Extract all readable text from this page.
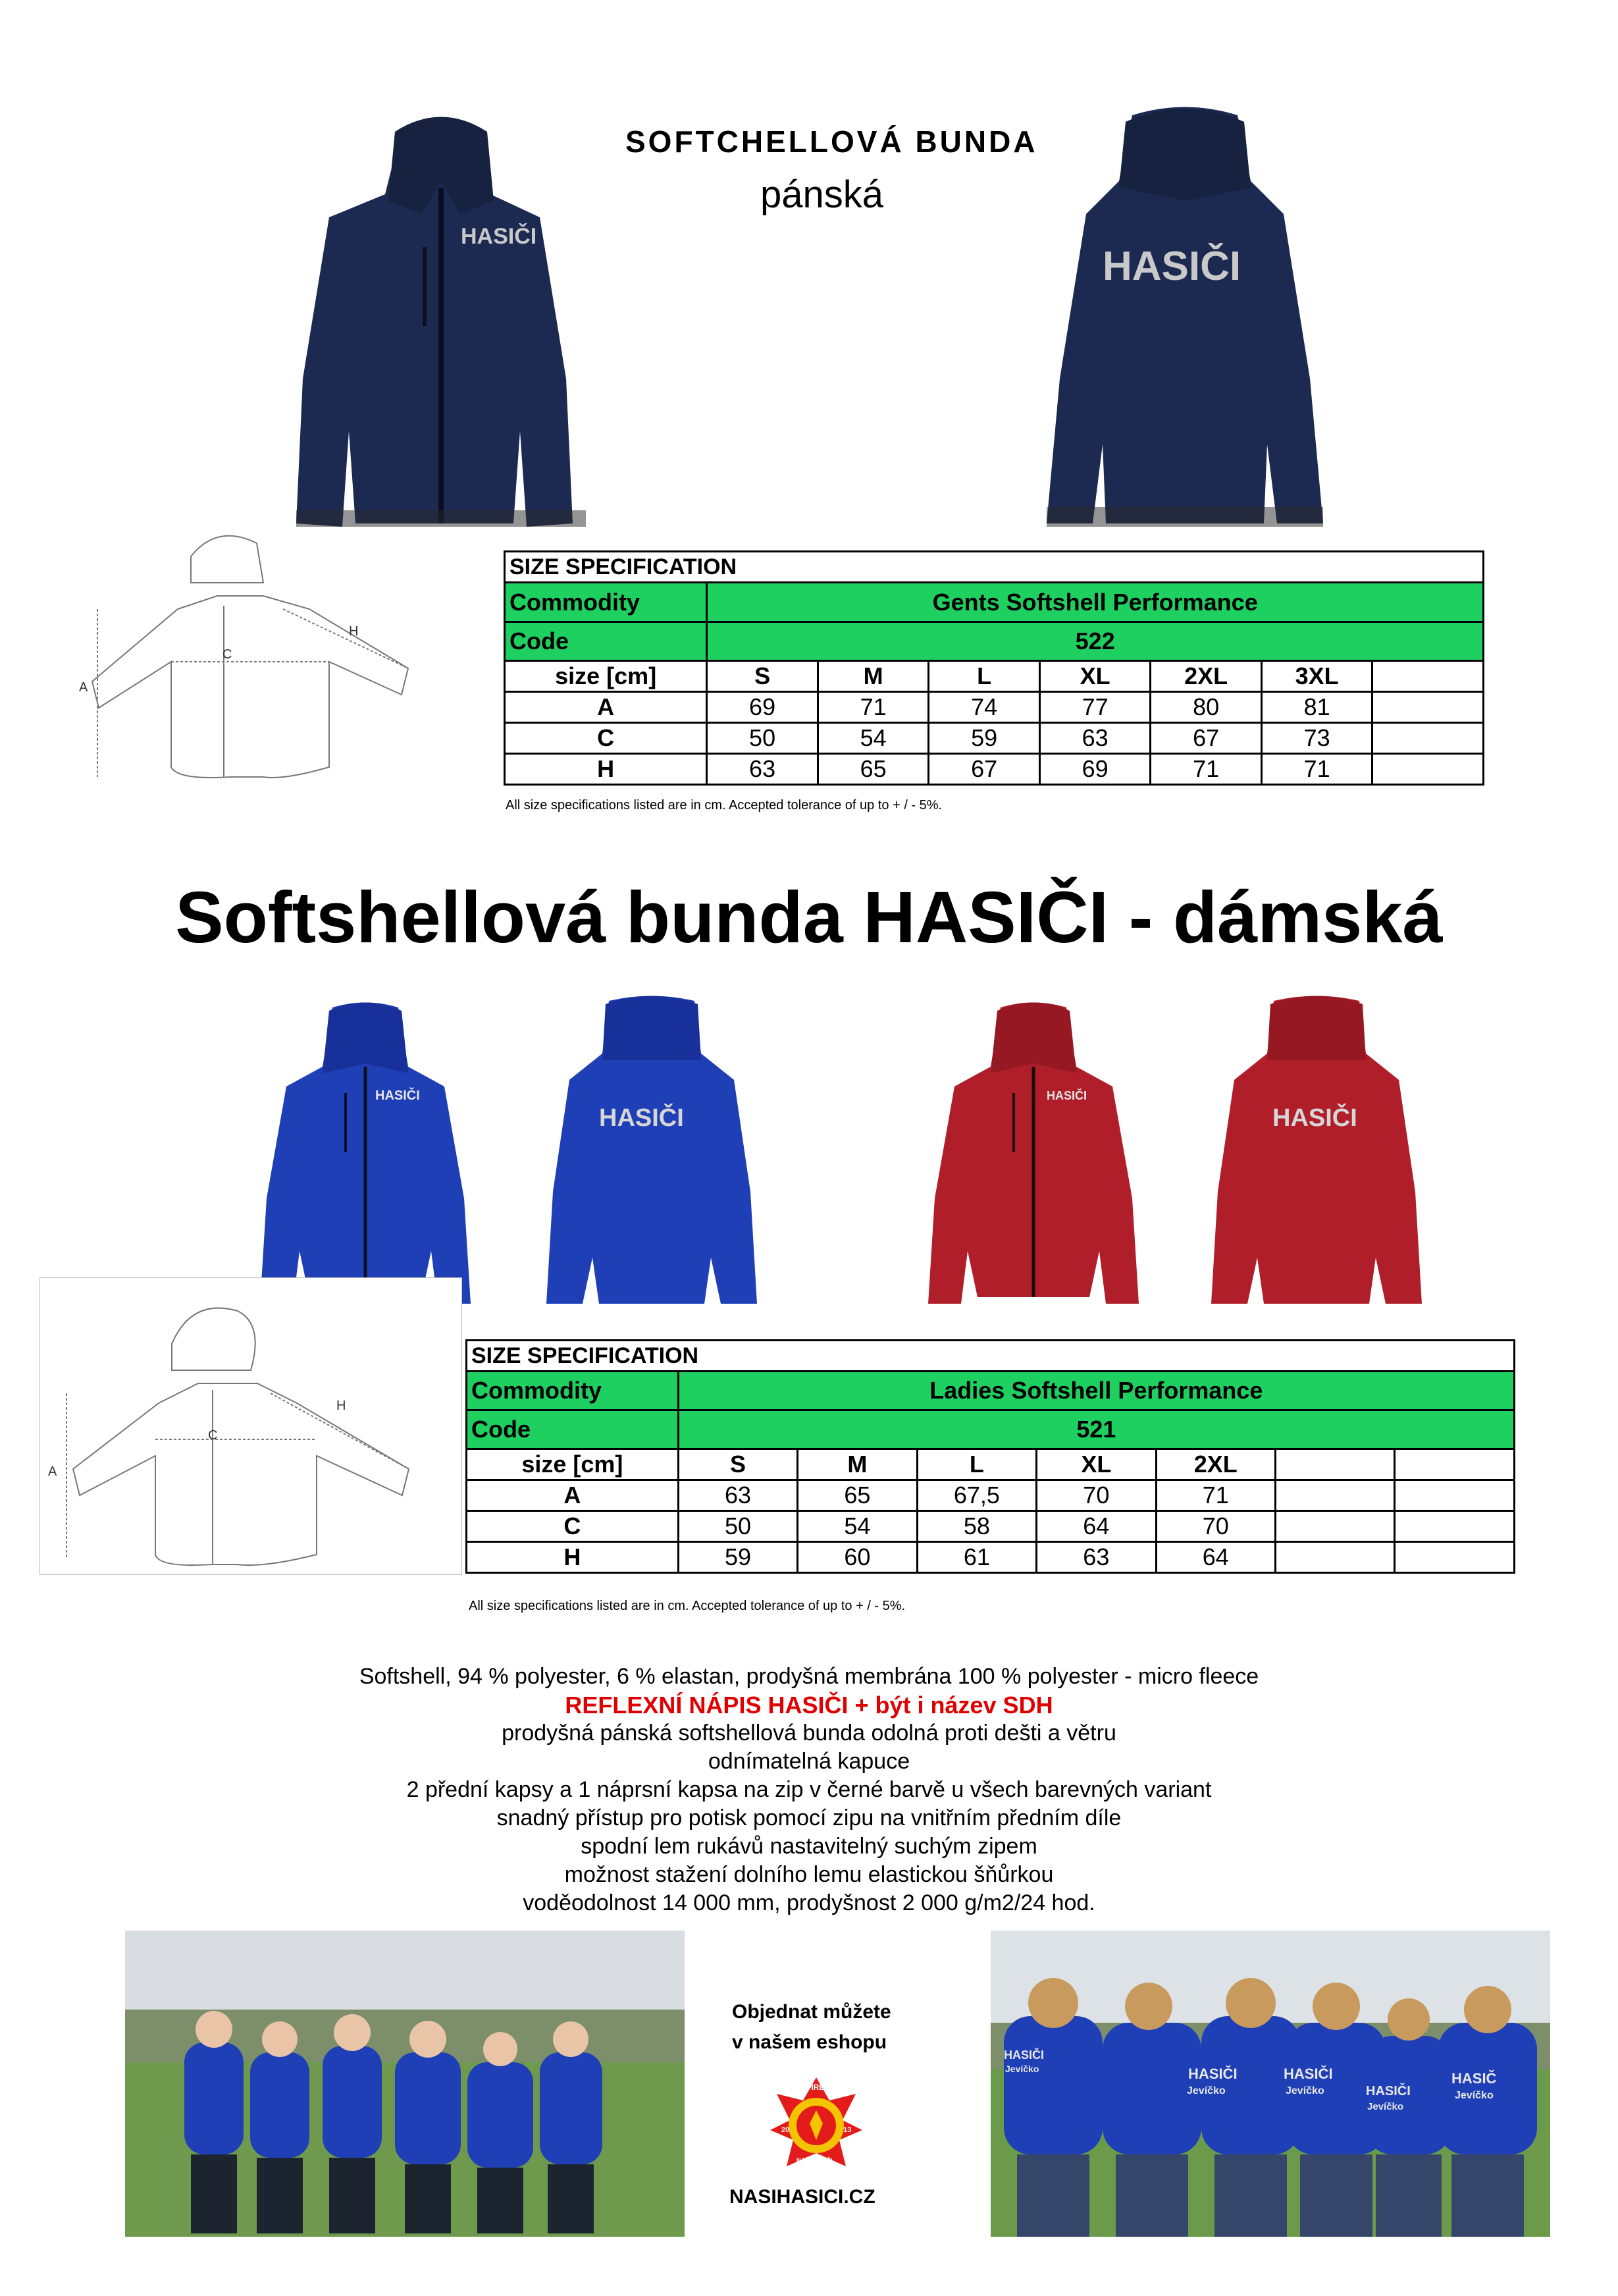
SOFTCHELLOVÁ BUNDA
pánská
HASIČI
HASIČI
A
C
H
SIZE SPECIFICATION							
Commodity	Gents Softshell Performance						
Code	522						
size [cm]	S	M	L	XL	2XL	3XL	
A	69	71	74	77	80	81	
C	50	54	59	63	67	73	
H	63	65	67	69	71	71	
All size specifications listed are in cm. Accepted tolerance of up to + / - 5%.
Softshellová bunda HASIČI - dámská
HASIČI
HASIČI
HASIČI
HASIČI
A
C
H
SIZE SPECIFICATION							
Commodity	Ladies Softshell Performance						
Code	521						
size [cm]	S	M	L	XL	2XL		
A	63	65	67,5	70	71		
C	50	54	58	64	70		
H	59	60	61	63	64		
All size specifications listed are in cm. Accepted tolerance of up to + / - 5%.
Softshell, 94 % polyester, 6 % elastan, prodyšná membrána 100 % polyester - micro fleece
REFLEXNÍ NÁPIS HASIČI + být i název SDH
prodyšná pánská softshellová bunda odolná proti dešti a větru
odnímatelná kapuce
2 přední kapsy a 1 náprsní kapsa na zip v černé barvě u všech barevných variant
snadný přístup pro potisk pomocí zipu na vnitřním předním díle
spodní lem rukávů nastavitelný suchým zipem
možnost stažení dolního lemu elastickou šňůrkou
voděodolnost 14 000 mm, prodyšnost 2 000 g/m2/24 hod.
Objednat můžete
v našem eshopu
FIRE
20	13
NAŠI HASIČI
NASIHASICI.CZ
HASIČI
Jevíčko
HASIČI
Jevíčko	HASIČI
Jevíčko
HASIČ
Jevíčko
HASIČI
Jevíčko
